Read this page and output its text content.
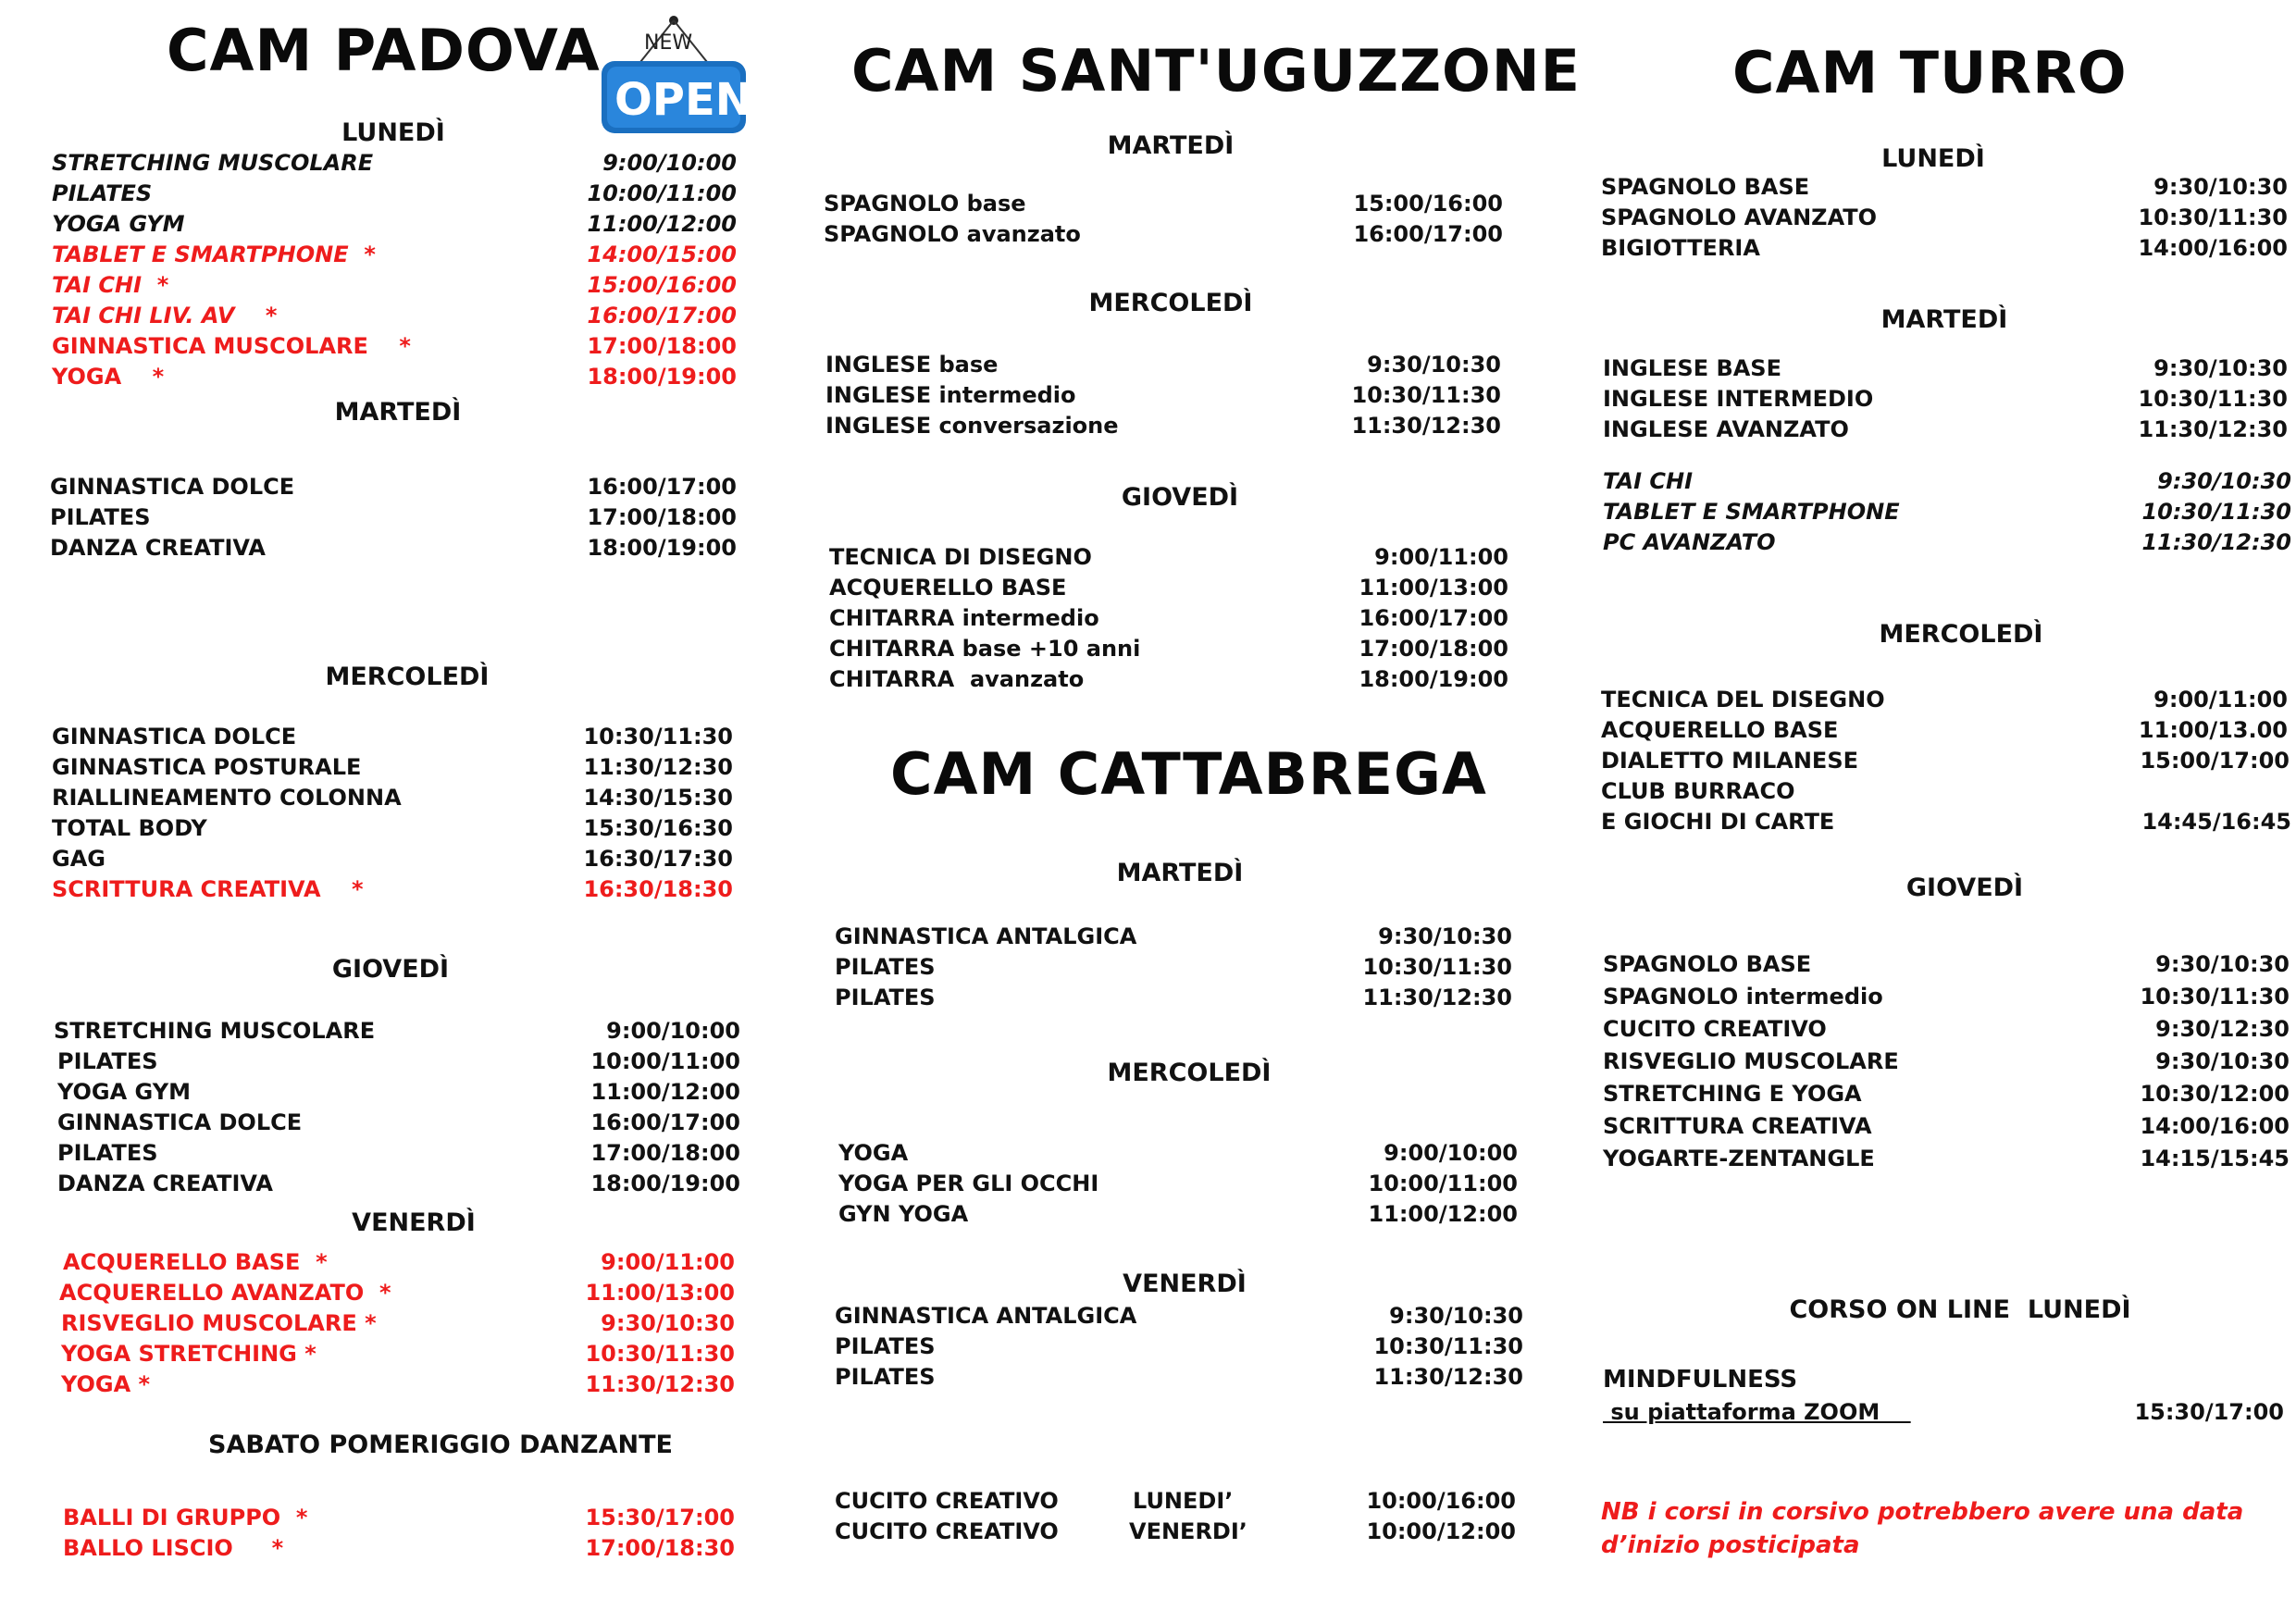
NEW
OPEN
CAM PADOVA
LUNEDÌ
STRETCHING MUSCOLARE	9:00/10:00
PILATES	10:00/11:00
YOGA GYM	11:00/12:00
TABLET E SMARTPHONE  *	14:00/15:00
TAI CHI  *	15:00/16:00
TAI CHI LIV. AV    *	16:00/17:00
GINNASTICA MUSCOLARE    *	17:00/18:00
YOGA    *	18:00/19:00
MARTEDÌ
GINNASTICA DOLCE	16:00/17:00
PILATES	17:00/18:00
DANZA CREATIVA	18:00/19:00
MERCOLEDÌ
GINNASTICA DOLCE	10:30/11:30
GINNASTICA POSTURALE	11:30/12:30
RIALLINEAMENTO COLONNA	14:30/15:30
TOTAL BODY	15:30/16:30
GAG	16:30/17:30
SCRITTURA CREATIVA    *	16:30/18:30
GIOVEDÌ
STRETCHING MUSCOLARE	9:00/10:00
PILATES	10:00/11:00
YOGA GYM	11:00/12:00
GINNASTICA DOLCE	16:00/17:00
PILATES	17:00/18:00
DANZA CREATIVA	18:00/19:00
VENERDÌ
ACQUERELLO BASE  *	9:00/11:00
ACQUERELLO AVANZATO  *	11:00/13:00
RISVEGLIO MUSCOLARE *	9:30/10:30
YOGA STRETCHING *	10:30/11:30
YOGA *	11:30/12:30
SABATO POMERIGGIO DANZANTE
BALLI DI GRUPPO  *	15:30/17:00
BALLO LISCIO     *	17:00/18:30
CAM SANT'UGUZZONE
MARTEDÌ
SPAGNOLO base	15:00/16:00
SPAGNOLO avanzato	16:00/17:00
MERCOLEDÌ
INGLESE base	9:30/10:30
INGLESE intermedio	10:30/11:30
INGLESE conversazione	11:30/12:30
GIOVEDÌ
TECNICA DI DISEGNO	9:00/11:00
ACQUERELLO BASE	11:00/13:00
CHITARRA intermedio	16:00/17:00
CHITARRA base +10 anni	17:00/18:00
CHITARRA  avanzato	18:00/19:00
CAM CATTABREGA
MARTEDÌ
GINNASTICA ANTALGICA	9:30/10:30
PILATES	10:30/11:30
PILATES	11:30/12:30
MERCOLEDÌ
YOGA	9:00/10:00
YOGA PER GLI OCCHI	10:00/11:00
GYN YOGA	11:00/12:00
VENERDÌ
GINNASTICA ANTALGICA	9:30/10:30
PILATES	10:30/11:30
PILATES	11:30/12:30
CUCITO CREATIVO	LUNEDI’	10:00/16:00
CUCITO CREATIVO	VENERDI’	10:00/12:00
CAM TURRO
LUNEDÌ
SPAGNOLO BASE	9:30/10:30
SPAGNOLO AVANZATO	10:30/11:30
BIGIOTTERIA	14:00/16:00
MARTEDÌ
INGLESE BASE	9:30/10:30
INGLESE INTERMEDIO	10:30/11:30
INGLESE AVANZATO	11:30/12:30
TAI CHI	9:30/10:30
TABLET E SMARTPHONE	10:30/11:30
PC AVANZATO	11:30/12:30
MERCOLEDÌ
TECNICA DEL DISEGNO	9:00/11:00
ACQUERELLO BASE	11:00/13.00
DIALETTO MILANESE	15:00/17:00
CLUB BURRACO
E GIOCHI DI CARTE	14:45/16:45
GIOVEDÌ
SPAGNOLO BASE	9:30/10:30
SPAGNOLO intermedio	10:30/11:30
CUCITO CREATIVO	9:30/12:30
RISVEGLIO MUSCOLARE	9:30/10:30
STRETCHING E YOGA	10:30/12:00
SCRITTURA CREATIVA	14:00/16:00
YOGARTE-ZENTANGLE	14:15/15:45
CORSO ON LINE  LUNEDÌ
MINDFULNESS
su piattaforma ZOOM	15:30/17:00
NB i corsi in corsivo potrebbero avere una data
d’inizio posticipata
